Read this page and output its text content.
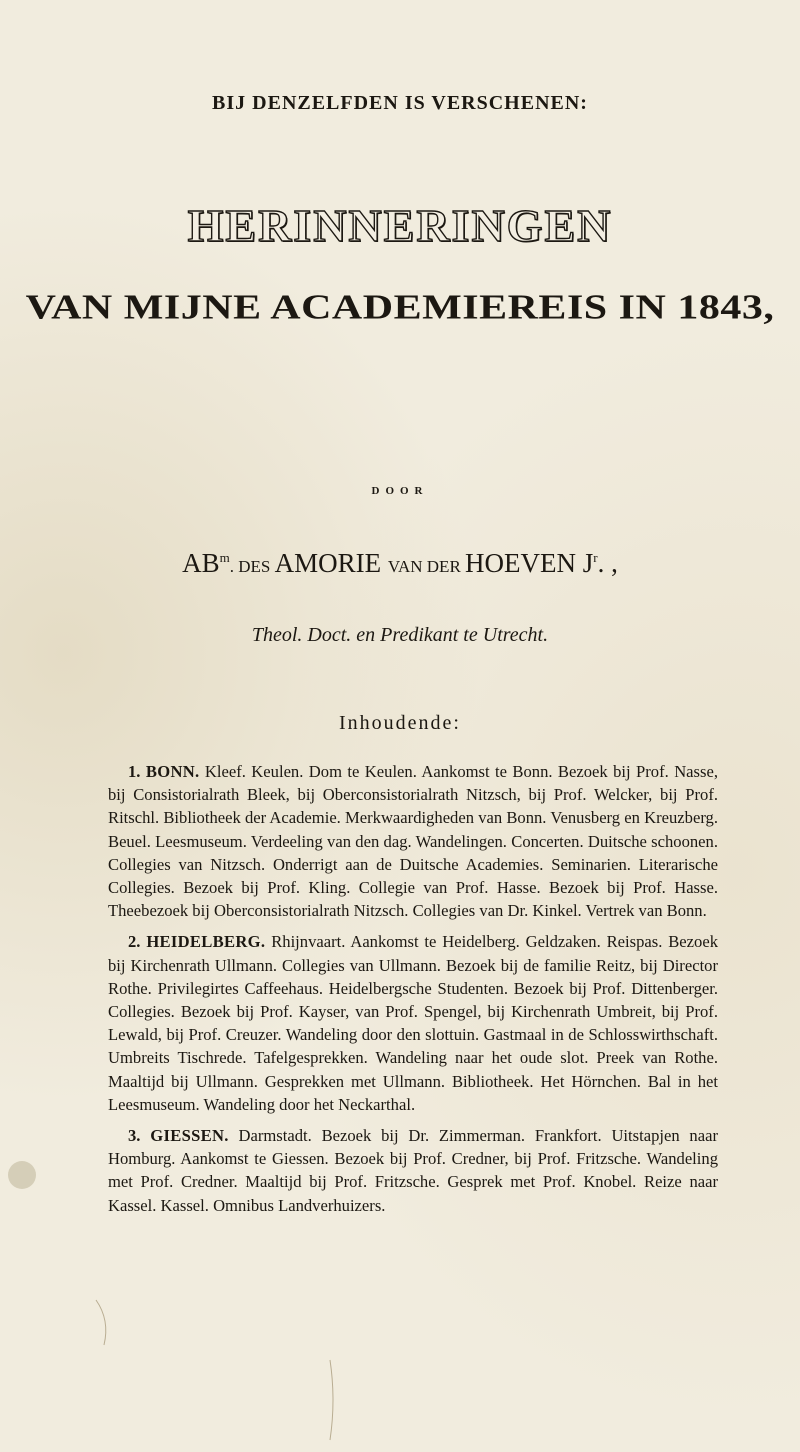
BIJ DENZELFDEN IS VERSCHENEN:
HERINNERINGEN
VAN MIJNE ACADEMIEREIS IN 1843,
DOOR
$AB^m$. DES AMORIE VAN DER HOEVEN $J^r$. ,
Theol. Doct. en Predikant te Utrecht.
Inhoudende:

1. BONN. Kleef. Keulen. Dom te Keulen. Aankomst te Bonn. Bezoek bij Prof. Nasse, bij Consistorialrath Bleek, bij Oberconsistorialrath Nitzsch, bij Prof. Welcker, bij Prof. Ritschl. Bibliotheek der Academie. Merkwaardigheden van Bonn. Venusberg en Kreuzberg. Beuel. Leesmuseum. Verdeeling van den dag. Wandelingen. Concerten. Duitsche schoonen. Collegies van Nitzsch. Onderrigt aan de Duitsche Academies. Seminarien. Literarische Collegies. Bezoek bij Prof. Kling. Collegie van Prof. Hasse. Bezoek bij Prof. Hasse. Theebezoek bij Oberconsistorialrath Nitzsch. Collegies van Dr. Kinkel. Vertrek van Bonn.

2. HEIDELBERG. Rhijnvaart. Aankomst te Heidelberg. Geldzaken. Reispas. Bezoek bij Kirchenrath Ullmann. Collegies van Ullmann. Bezoek bij de familie Reitz, bij Director Rothe. Privilegirtes Caffeehaus. Heidelbergsche Studenten. Bezoek bij Prof. Dittenberger. Collegies. Bezoek bij Prof. Kayser, van Prof. Spengel, bij Kirchenrath Umbreit, bij Prof. Lewald, bij Prof. Creuzer. Wandeling door den slottuin. Gastmaal in de Schlosswirthschaft. Umbreits Tischrede. Tafelgesprekken. Wandeling naar het oude slot. Preek van Rothe. Maaltijd bij Ullmann. Gesprekken met Ullmann. Bibliotheek. Het Hörnchen. Bal in het Leesmuseum. Wandeling door het Neckarthal.

3. GIESSEN. Darmstadt. Bezoek bij Dr. Zimmerman. Frankfort. Uitstapjen naar Homburg. Aankomst te Giessen. Bezoek bij Prof. Credner, bij Prof. Fritzsche. Wandeling met Prof. Credner. Maaltijd bij Prof. Fritzsche. Gesprek met Prof. Knobel. Reize naar Kassel. Kassel. Omnibus Landverhuizers.
